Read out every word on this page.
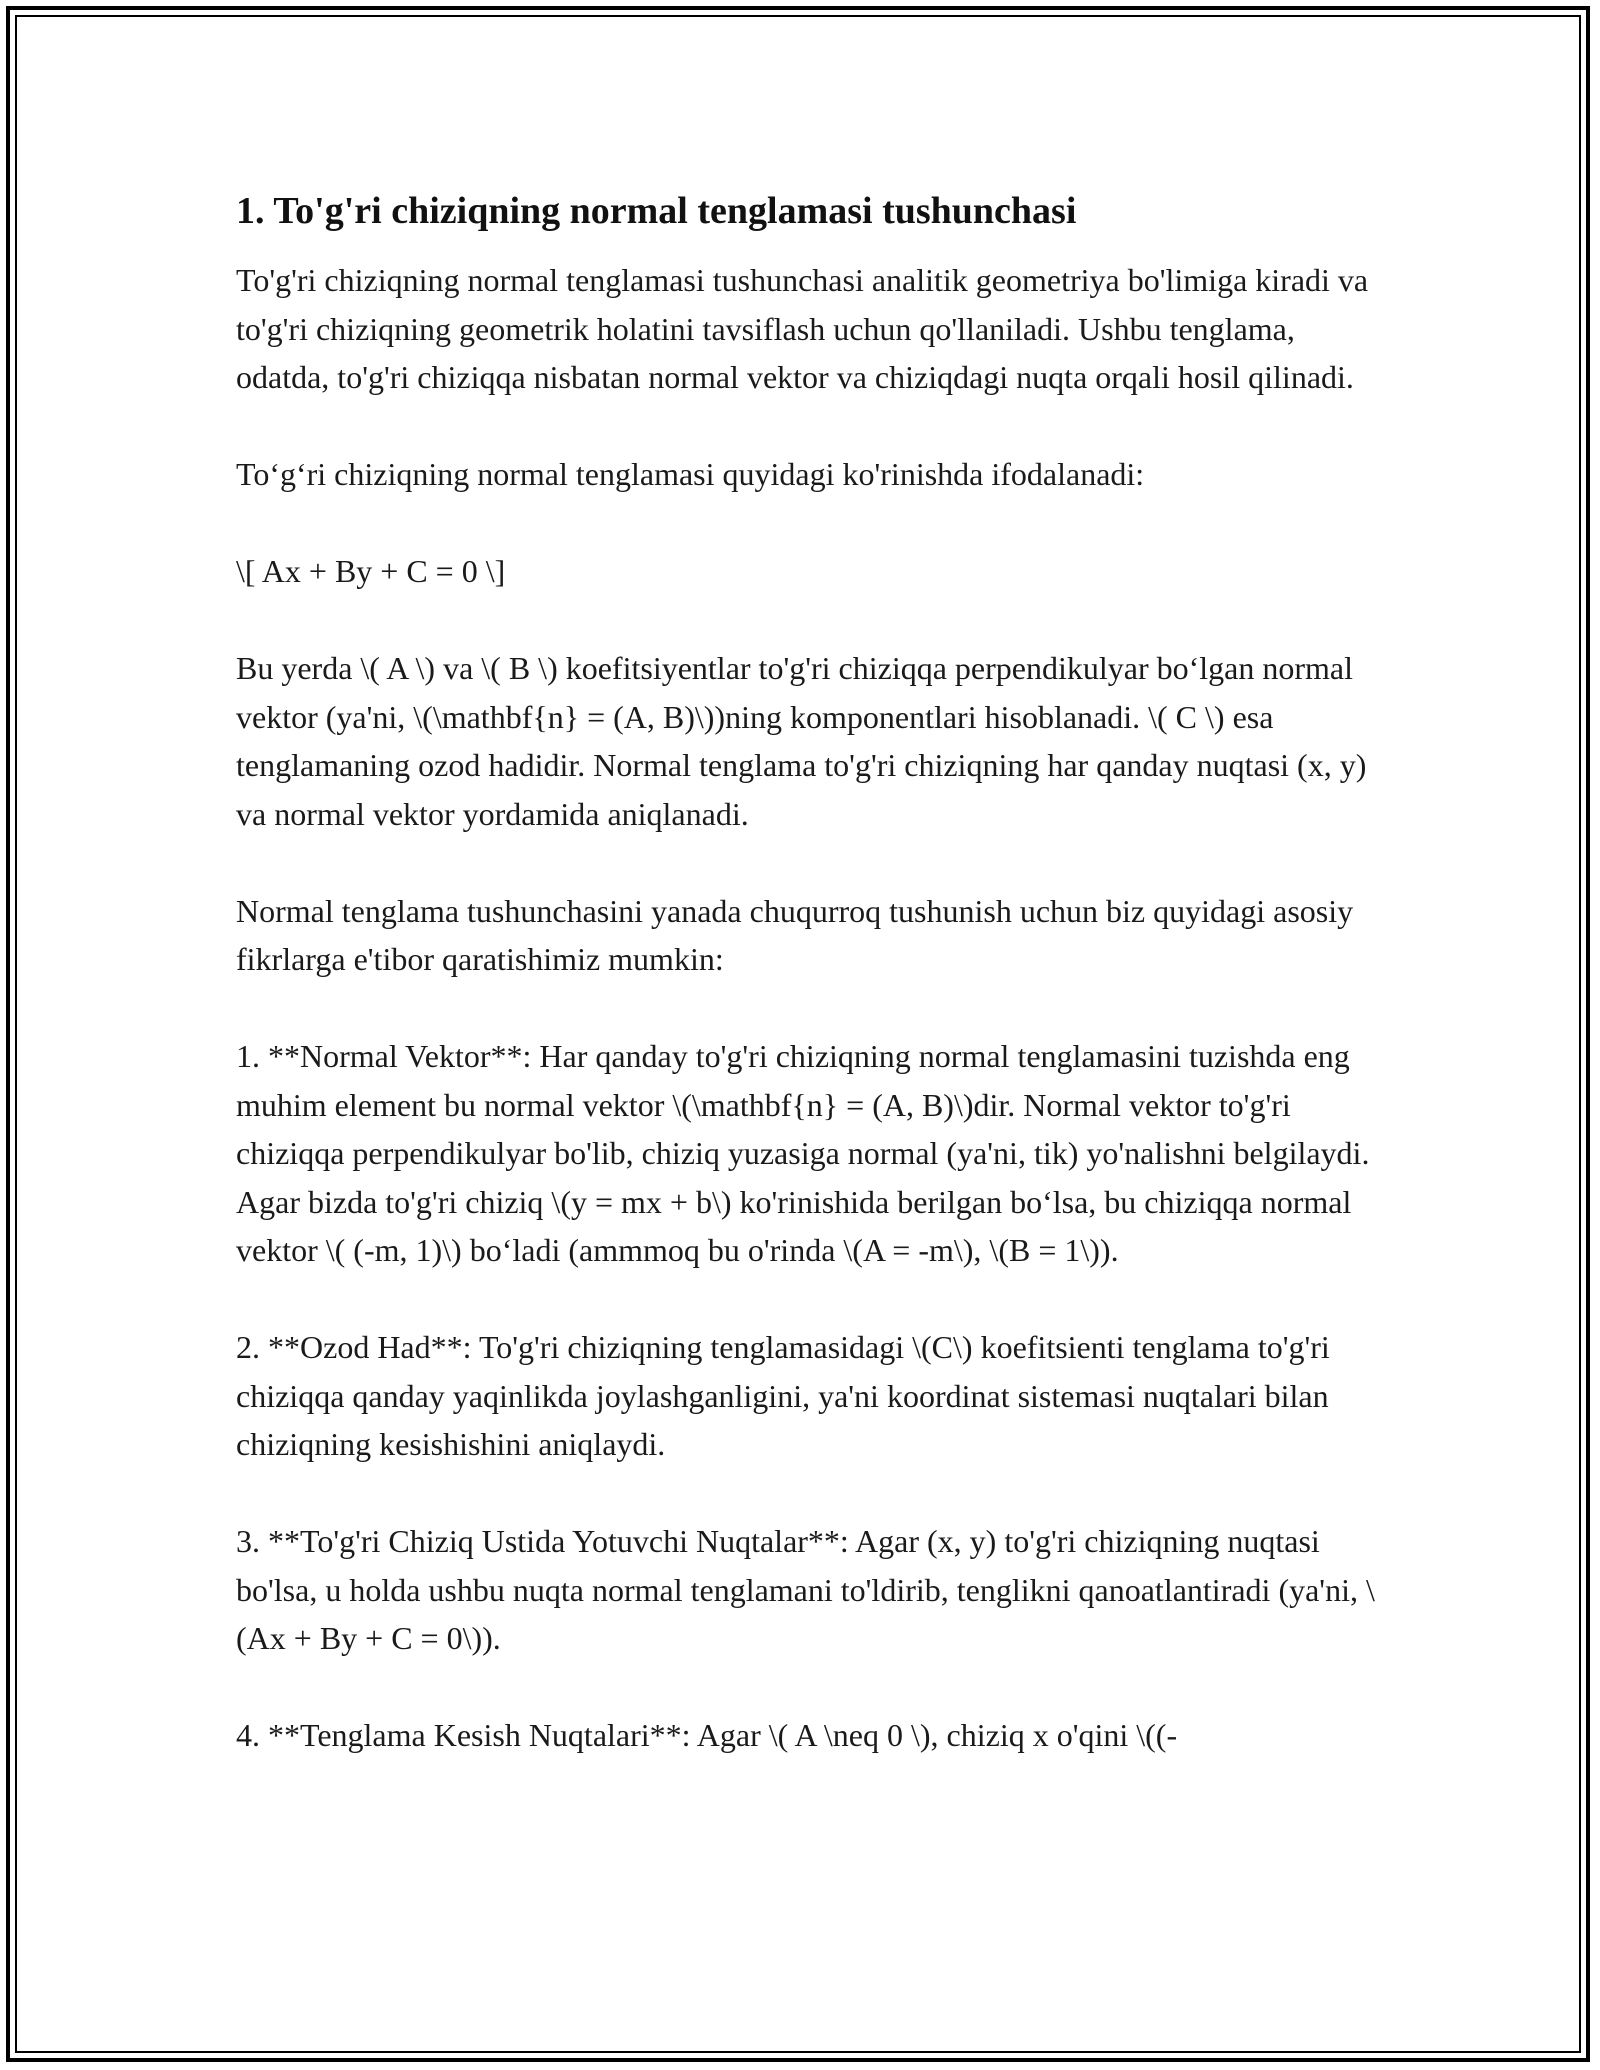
1. To'g'ri chiziqning normal tenglamasi tushunchasi

To'g'ri chiziqning normal tenglamasi tushunchasi analitik geometriya bo'limiga kiradi va to'g'ri chiziqning geometrik holatini tavsiflash uchun qo'llaniladi. Ushbu tenglama, odatda, to'g'ri chiziqqa nisbatan normal vektor va chiziqdagi nuqta orqali hosil qilinadi.

To‘g‘ri chiziqning normal tenglamasi quyidagi ko'rinishda ifodalanadi:

\[ Ax + By + C = 0 \]

Bu yerda \( A \) va \( B \) koefitsiyentlar to'g'ri chiziqqa perpendikulyar bo‘lgan normal vektor (ya'ni, \(\mathbf{n} = (A, B)\))ning komponentlari hisoblanadi. \( C \) esa tenglamaning ozod hadidir. Normal tenglama to'g'ri chiziqning har qanday nuqtasi (x, y) va normal vektor yordamida aniqlanadi.

Normal tenglama tushunchasini yanada chuqurroq tushunish uchun biz quyidagi asosiy fikrlarga e'tibor qaratishimiz mumkin:

1. **Normal Vektor**: Har qanday to'g'ri chiziqning normal tenglamasini tuzishda eng muhim element bu normal vektor \(\mathbf{n} = (A, B)\)dir. Normal vektor to'g'ri chiziqqa perpendikulyar bo'lib, chiziq yuzasiga normal (ya'ni, tik) yo'nalishni belgilaydi. Agar bizda to'g'ri chiziq \(y = mx + b\) ko'rinishida berilgan bo‘lsa, bu chiziqqa normal vektor \( (-m, 1)\) bo‘ladi (ammmoq bu o'rinda \(A = -m\), \(B = 1\)).

2. **Ozod Had**: To'g'ri chiziqning tenglamasidagi \(C\) koefitsienti tenglama to'g'ri chiziqqa qanday yaqinlikda joylashganligini, ya'ni koordinat sistemasi nuqtalari bilan chiziqning kesishishini aniqlaydi.

3. **To'g'ri Chiziq Ustida Yotuvchi Nuqtalar**: Agar (x, y) to'g'ri chiziqning nuqtasi bo'lsa, u holda ushbu nuqta normal tenglamani to'ldirib, tenglikni qanoatlantiradi (ya'ni, \(Ax + By + C = 0\)).

4. **Tenglama Kesish Nuqtalari**: Agar \( A \neq 0 \), chiziq x o'qini \((-
